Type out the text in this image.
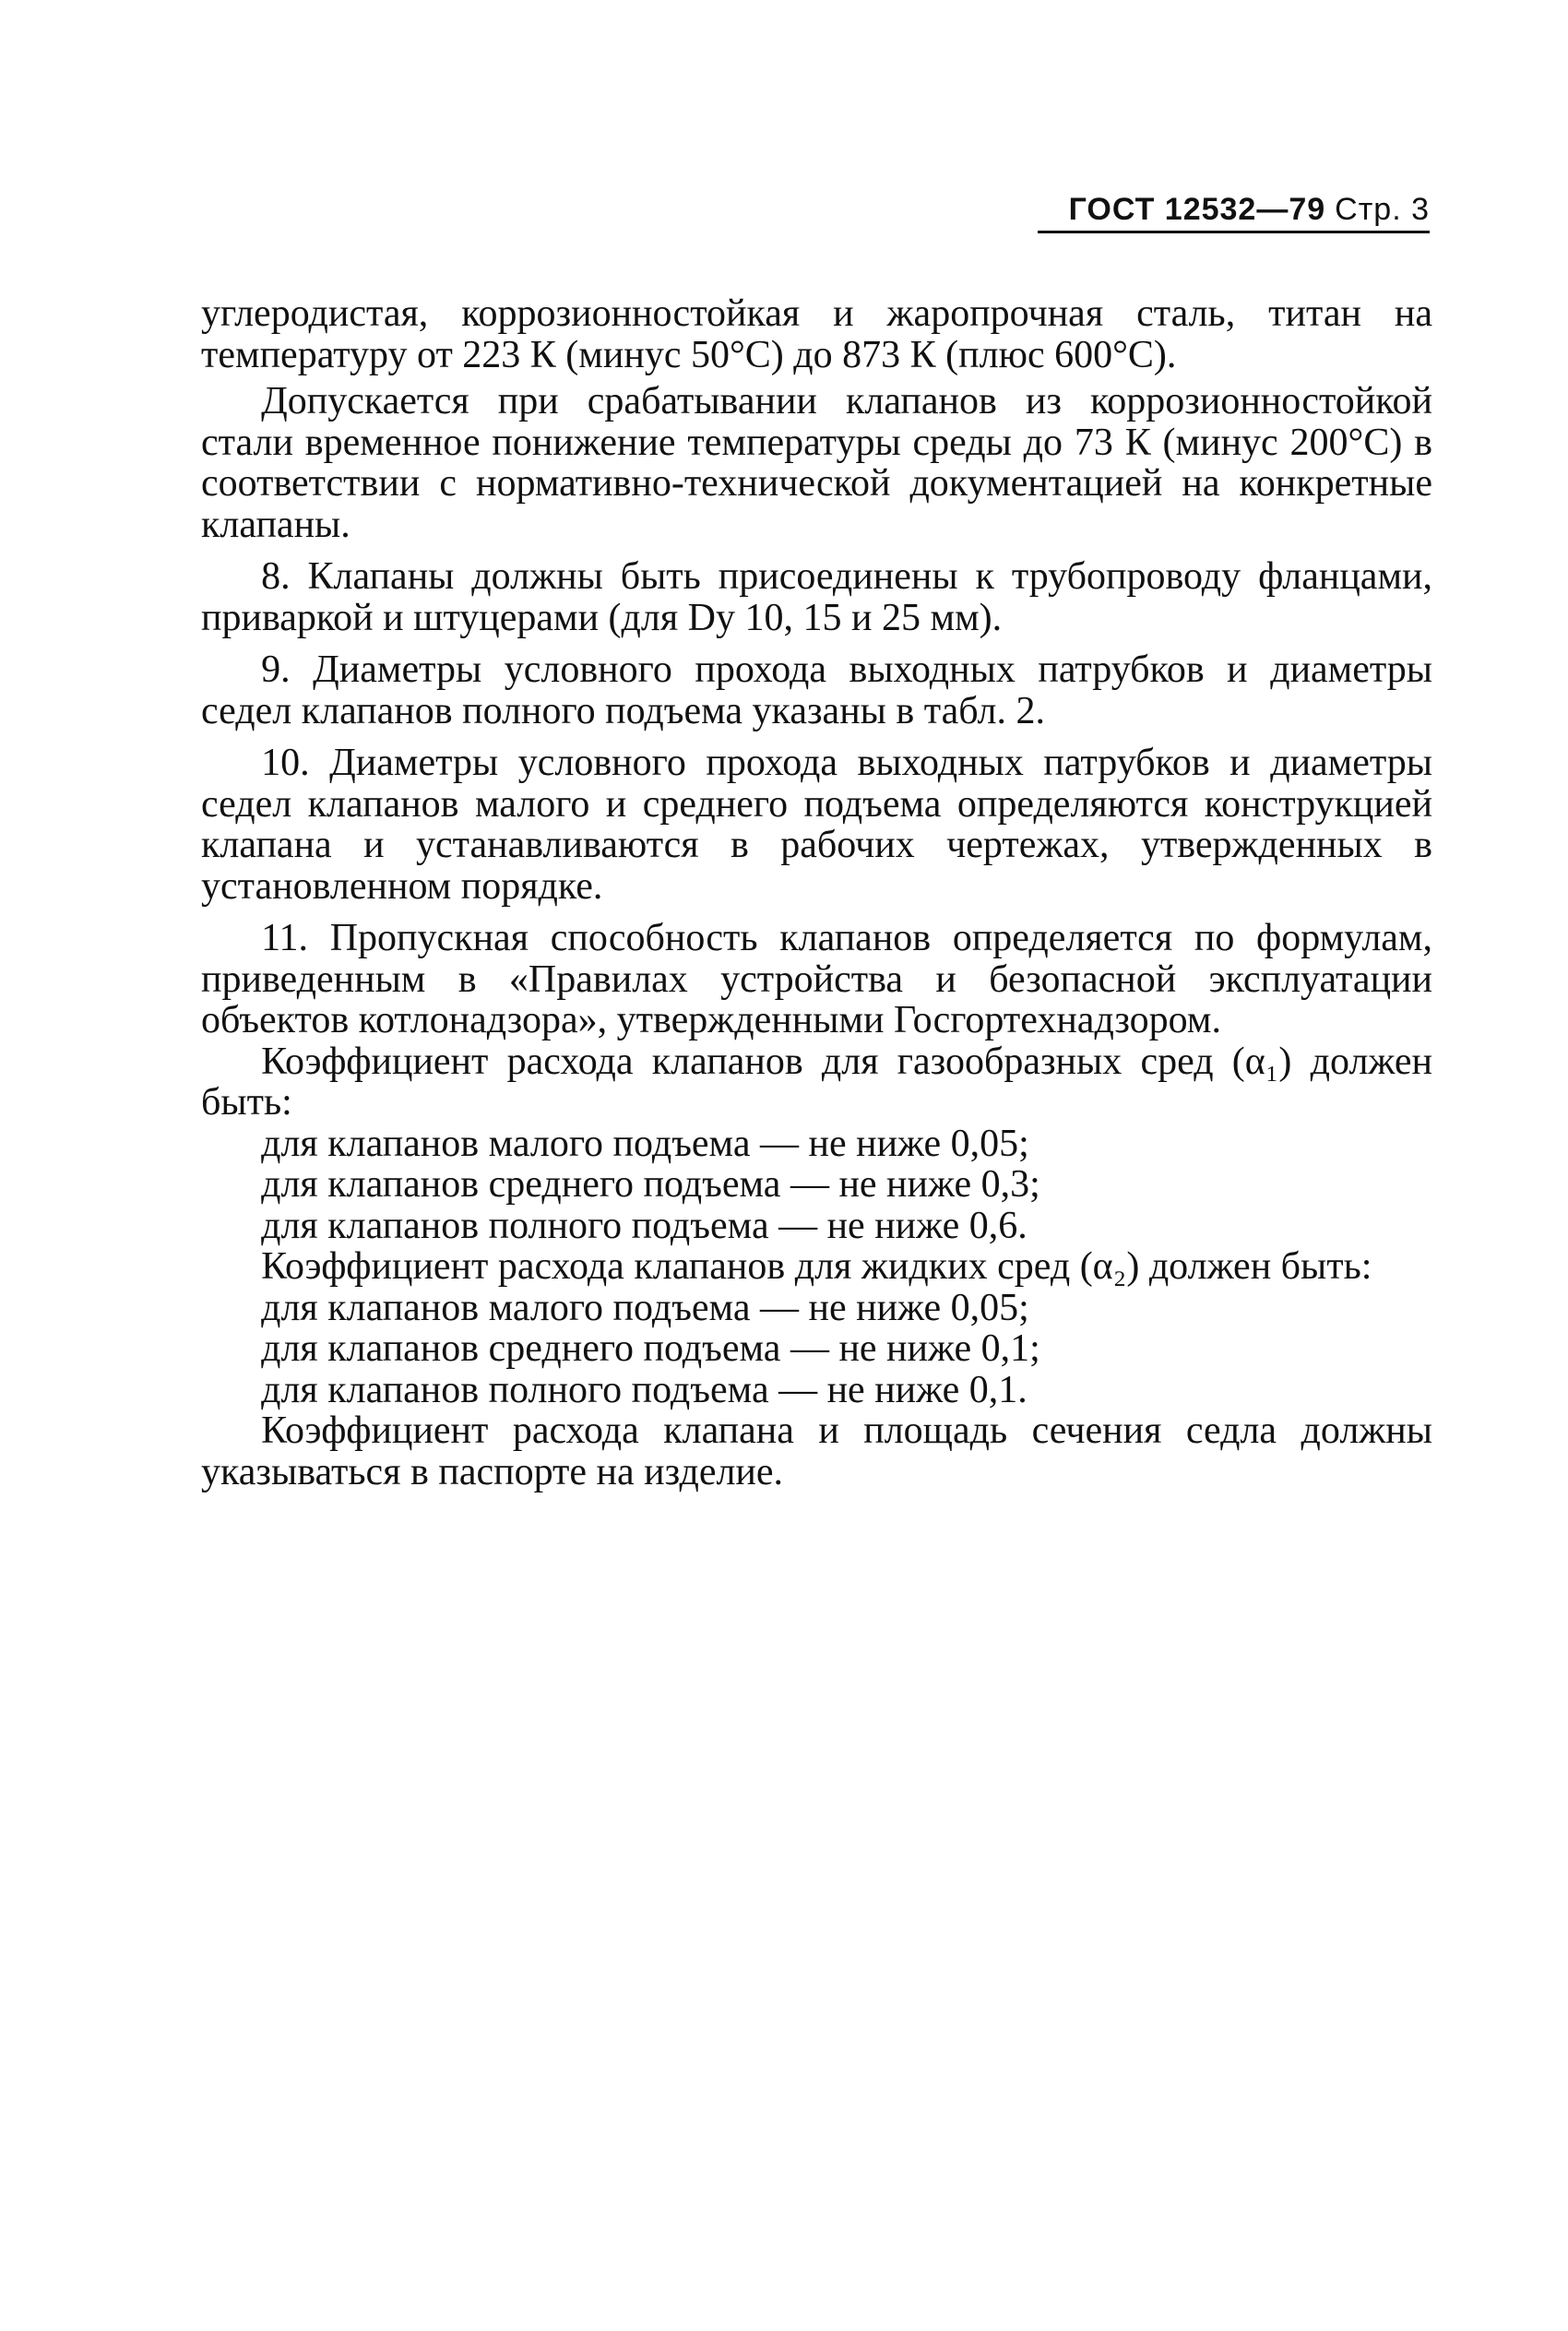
ГОСТ 12532—79 Стр. 3

углеродистая, коррозионностойкая и жаропрочная сталь, титан на температуру от 223 К (минус 50°С) до 873 К (плюс 600°С).

Допускается при срабатывании клапанов из коррозионностойкой стали временное понижение температуры среды до 73 К (минус 200°С) в соответствии с нормативно-технической документацией на конкретные клапаны.

8. Клапаны должны быть присоединены к трубопроводу фланцами, приваркой и штуцерами (для Dу 10, 15 и 25 мм).

9. Диаметры условного прохода выходных патрубков и диаметры седел клапанов полного подъема указаны в табл. 2.

10. Диаметры условного прохода выходных патрубков и диаметры седел клапанов малого и среднего подъема определяются конструкцией клапана и устанавливаются в рабочих чертежах, утвержденных в установленном порядке.

11. Пропускная способность клапанов определяется по формулам, приведенным в «Правилах устройства и безопасной эксплуатации объектов котлонадзора», утвержденными Госгортехнадзором.

Коэффициент расхода клапанов для газообразных сред (α₁) должен быть:

для клапанов малого подъема — не ниже 0,05;
для клапанов среднего подъема — не ниже 0,3;
для клапанов полного подъема — не ниже 0,6.

Коэффициент расхода клапанов для жидких сред (α₂) должен быть:

для клапанов малого подъема — не ниже 0,05;
для клапанов среднего подъема — не ниже 0,1;
для клапанов полного подъема — не ниже 0,1.

Коэффициент расхода клапана и площадь сечения седла должны указываться в паспорте на изделие.
